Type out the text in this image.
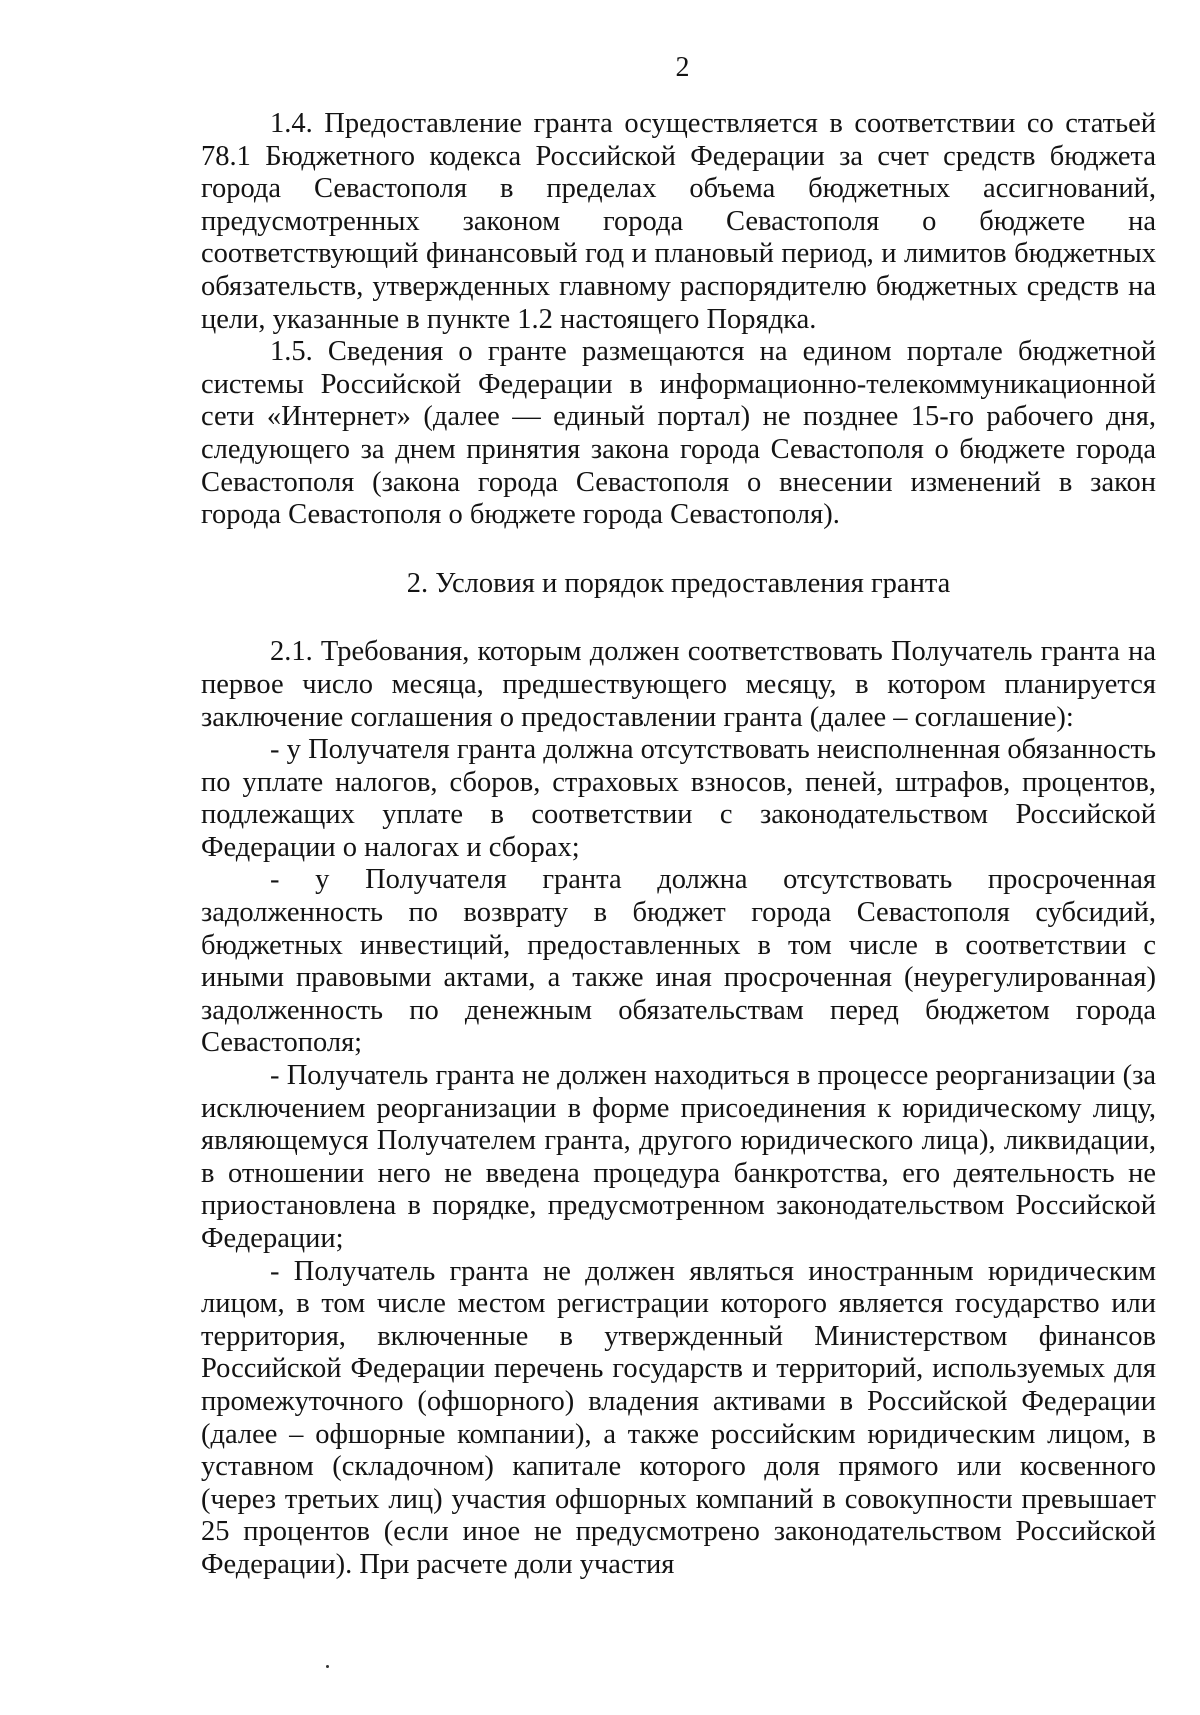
2

1.4. Предоставление гранта осуществляется в соответствии со статьей 78.1 Бюджетного кодекса Российской Федерации за счет средств бюджета города Севастополя в пределах объема бюджетных ассигнований, предусмотренных законом города Севастополя о бюджете на соответствующий финансовый год и плановый период, и лимитов бюджетных обязательств, утвержденных главному распорядителю бюджетных средств на цели, указанные в пункте 1.2 настоящего Порядка.

1.5. Сведения о гранте размещаются на едином портале бюджетной системы Российской Федерации в информационно-телекоммуникационной сети «Интернет» (далее — единый портал) не позднее 15-го рабочего дня, следующего за днем принятия закона города Севастополя о бюджете города Севастополя (закона города Севастополя о внесении изменений в закон города Севастополя о бюджете города Севастополя).

2. Условия и порядок предоставления гранта

2.1. Требования, которым должен соответствовать Получатель гранта на первое число месяца, предшествующего месяцу, в котором планируется заключение соглашения о предоставлении гранта (далее – соглашение):

- у Получателя гранта должна отсутствовать неисполненная обязанность по уплате налогов, сборов, страховых взносов, пеней, штрафов, процентов, подлежащих уплате в соответствии с законодательством Российской Федерации о налогах и сборах;

- у Получателя гранта должна отсутствовать просроченная задолженность по возврату в бюджет города Севастополя субсидий, бюджетных инвестиций, предоставленных в том числе в соответствии с иными правовыми актами, а также иная просроченная (неурегулированная) задолженность по денежным обязательствам перед бюджетом города Севастополя;

- Получатель гранта не должен находиться в процессе реорганизации (за исключением реорганизации в форме присоединения к юридическому лицу, являющемуся Получателем гранта, другого юридического лица), ликвидации, в отношении него не введена процедура банкротства, его деятельность не приостановлена в порядке, предусмотренном законодательством Российской Федерации;

- Получатель гранта не должен являться иностранным юридическим лицом, в том числе местом регистрации которого является государство или территория, включенные в утвержденный Министерством финансов Российской Федерации перечень государств и территорий, используемых для промежуточного (офшорного) владения активами в Российской Федерации (далее – офшорные компании), а также российским юридическим лицом, в уставном (складочном) капитале которого доля прямого или косвенного (через третьих лиц) участия офшорных компаний в совокупности превышает 25 процентов (если иное не предусмотрено законодательством Российской Федерации). При расчете доли участия
